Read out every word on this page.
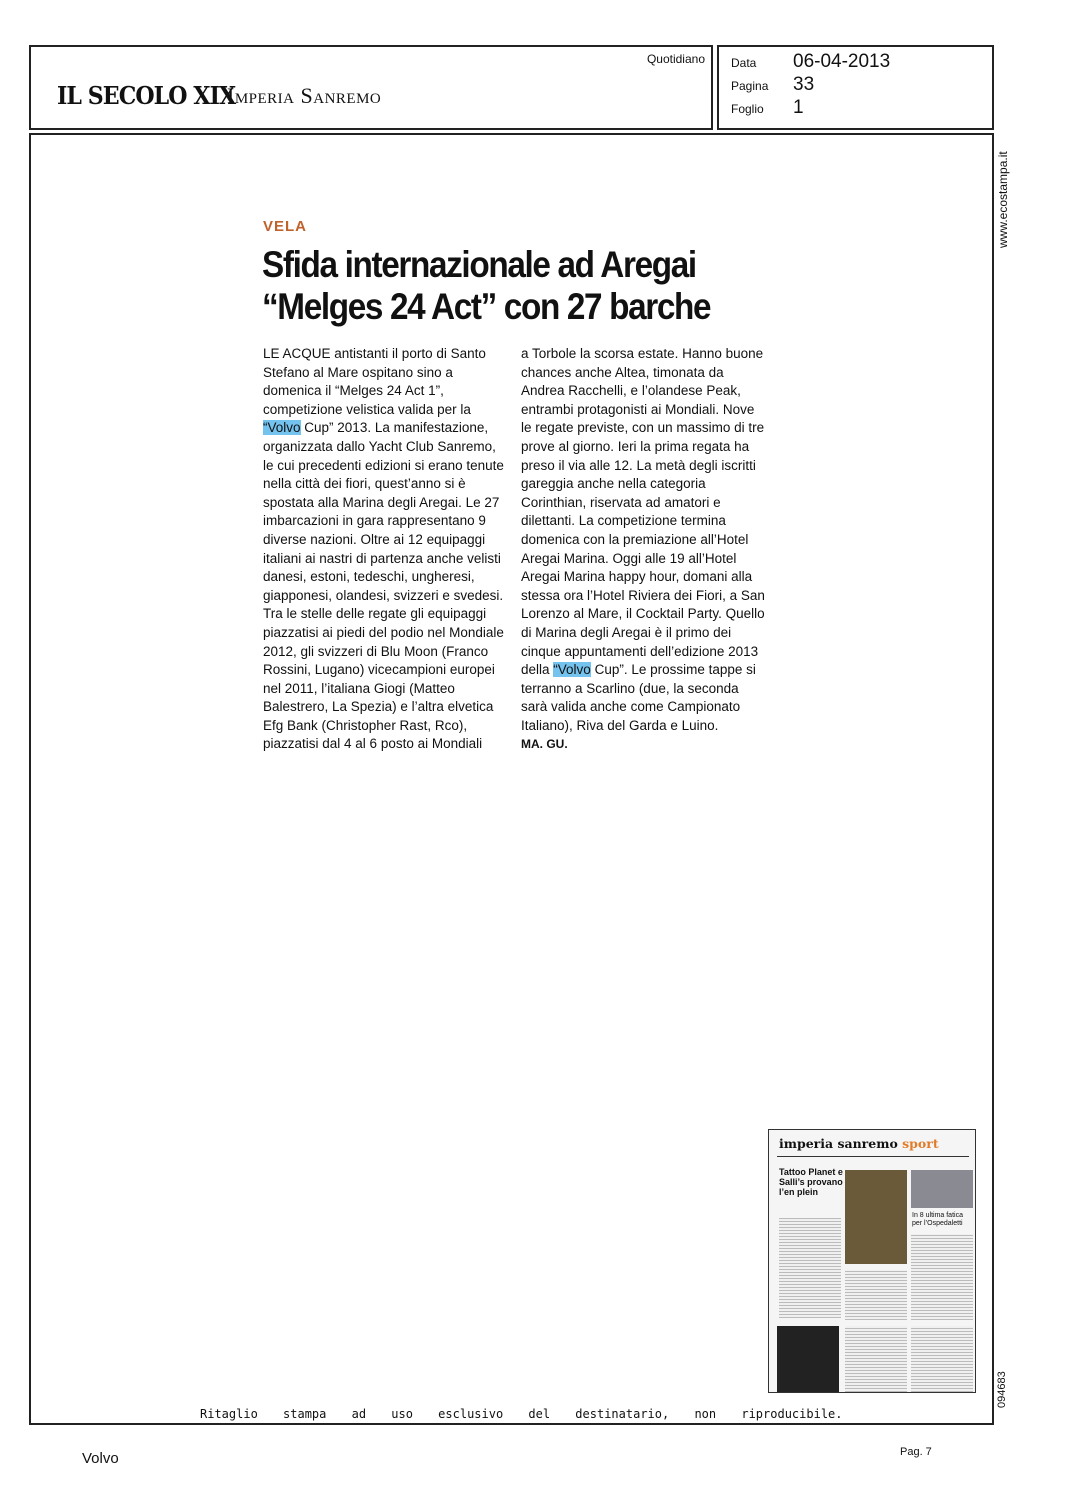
IL SECOLO XIX
Imperia Sanremo
Quotidiano Data 06-04-2013
Pagina 33
Foglio 1
www.ecostampa.it
094683
VELA
Sfida internazionale ad Aregai
“Melges 24 Act” con 27 barche

LE ACQUE antistanti il porto di Santo Stefano al Mare ospitano sino a domenica il “Melges 24 Act 1”, competizione velistica valida per la “Volvo Cup” 2013. La manifestazione, organizzata dallo Yacht Club Sanremo, le cui precedenti edizioni si erano tenute nella città dei fiori, quest’anno si è spostata alla Marina degli Aregai. Le 27 imbarcazioni in gara rappresentano 9 diverse nazioni. Oltre ai 12 equipaggi italiani ai nastri di partenza anche velisti danesi, estoni, tedeschi, ungheresi, giapponesi, olandesi, svizzeri e svedesi. Tra le stelle delle regate gli equipaggi piazzatisi ai piedi del podio nel Mondiale 2012, gli svizzeri di Blu Moon (Franco Rossini, Lugano) vicecampioni europei nel 2011, l’italiana Giogi (Matteo Balestrero, La Spezia) e l’altra elvetica Efg Bank (Christopher Rast, Rco), piazzatisi dal 4 al 6 posto ai Mondiali

a Torbole la scorsa estate. Hanno buone chances anche Altea, timonata da Andrea Racchelli, e l’olandese Peak, entrambi protagonisti ai Mondiali. Nove le regate previste, con un massimo di tre prove al giorno. Ieri la prima regata ha preso il via alle 12. La metà degli iscritti gareggia anche nella categoria Corinthian, riservata ad amatori e dilettanti. La competizione termina domenica con la premiazione all’Hotel Aregai Marina. Oggi alle 19 all’Hotel Aregai Marina happy hour, domani alla stessa ora l’Hotel Riviera dei Fiori, a San Lorenzo al Mare, il Cocktail Party. Quello di Marina degli Aregai è il primo dei cinque appuntamenti dell’edizione 2013 della “Volvo Cup”. Le prossime tappe si terranno a Scarlino (due, la seconda sarà valida anche come Campionato Italiano), Riva del Garda e Luino.

MA. GU.

imperia sanremo sport
Tattoo Planet e Salli’s provano l’en plein
In 8 ultima fatica per l’Ospedaletti
Ritaglio stampa ad uso esclusivo del destinatario, non riproducibile.
Volvo	Pag. 7
